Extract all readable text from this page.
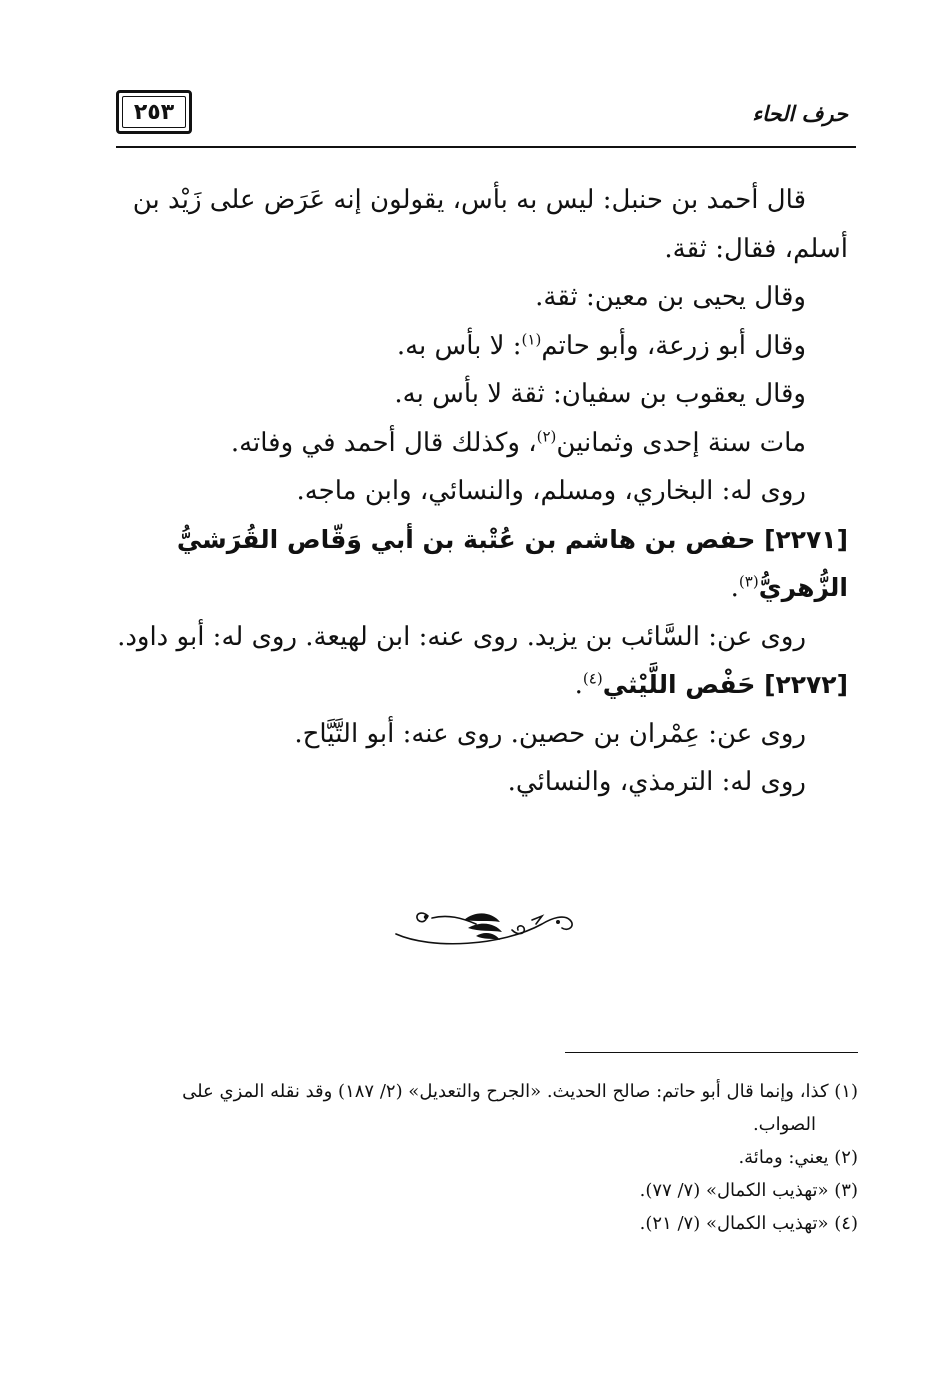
٢٥٣	حرف الحاء

قال أحمد بن حنبل: ليس به بأس، يقولون إنه عَرَض على زَيْد بن

أسلم، فقال: ثقة.

وقال يحيى بن معين: ثقة.

وقال أبو زرعة، وأبو حاتم$^{(١)}$: لا بأس به.

وقال يعقوب بن سفيان: ثقة لا بأس به.

مات سنة إحدى وثمانين$^{(٢)}$، وكذلك قال أحمد في وفاته.

روى له: البخاري، ومسلم، والنسائي، وابن ماجه.

[٢٢٧١] حفص بن هاشم بن عُتْبة بن أبي وَقّاص القُرَشيُّ الزُّهريُّ$^{(٣)}$.

روى عن: السَّائب بن يزيد. روى عنه: ابن لهيعة. روى له: أبو داود.

[٢٢٧٢] حَفْص اللَّيْثي$^{(٤)}$.

روى عن: عِمْران بن حصين. روى عنه: أبو التَّيَّاح.

روى له: الترمذي، والنسائي.

(١) كذا، وإنما قال أبو حاتم: صالح الحديث. «الجرح والتعديل» (٢/ ١٨٧) وقد نقله المزي على

الصواب.

(٢) يعني: ومائة.

(٣) «تهذيب الكمال» (٧/ ٧٧).

(٤) «تهذيب الكمال» (٧/ ٢١).
